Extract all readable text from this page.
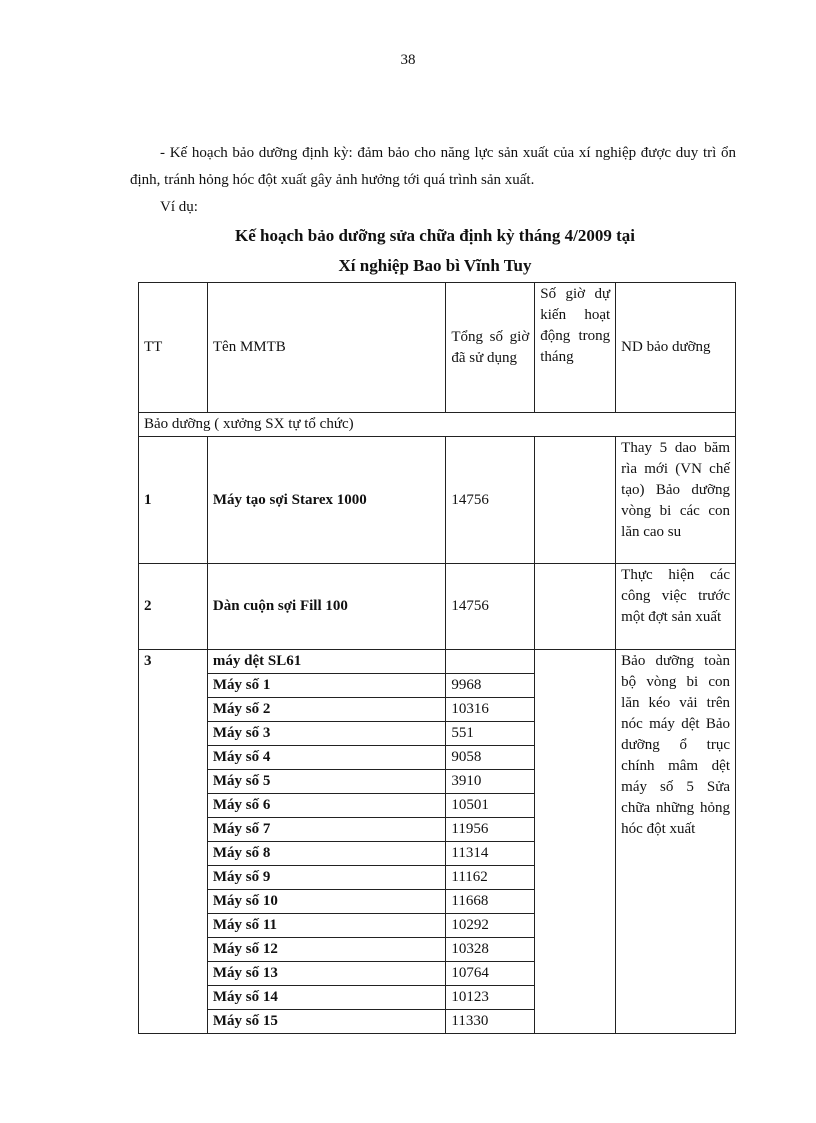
38
- Kế hoạch bảo dưỡng định kỳ: đảm bảo cho năng lực sản xuất của xí nghiệp được duy trì ổn định, tránh hỏng hóc đột xuất gây ảnh hưởng tới quá trình sản xuất.
Ví dụ:
Kế hoạch bảo dưỡng sửa chữa định kỳ tháng 4/2009 tại
Xí nghiệp Bao bì Vĩnh Tuy
TT	Tên MMTB	Tổng số giờ đã sử dụng	Số giờ dự kiến hoạt động trong tháng	ND bảo dưỡng
Bảo dưỡng ( xưởng SX tự tổ chức)				
1	Máy tạo sợi Starex 1000	14756		Thay 5 dao băm rìa mới (VN chế tạo) Bảo dưỡng vòng bi các con lăn cao su
2	Dàn cuộn sợi Fill 100	14756		Thực hiện các công việc trước một đợt sản xuất
3	máy dệt SL61			Bảo dưỡng toàn bộ vòng bi con lăn kéo vải trên nóc máy dệt Bảo dưỡng ổ trục chính mâm dệt máy số 5 Sửa chữa những hỏng hóc đột xuất
	Máy số 1	9968		
	Máy số 2	10316		
	Máy số 3	551		
	Máy số 4	9058		
	Máy số 5	3910		
	Máy số 6	10501		
	Máy số 7	11956		
	Máy số 8	11314		
	Máy số 9	11162		
	Máy số 10	11668		
	Máy số 11	10292		
	Máy số 12	10328		
	Máy số 13	10764		
	Máy số 14	10123		
	Máy số 15	11330		
